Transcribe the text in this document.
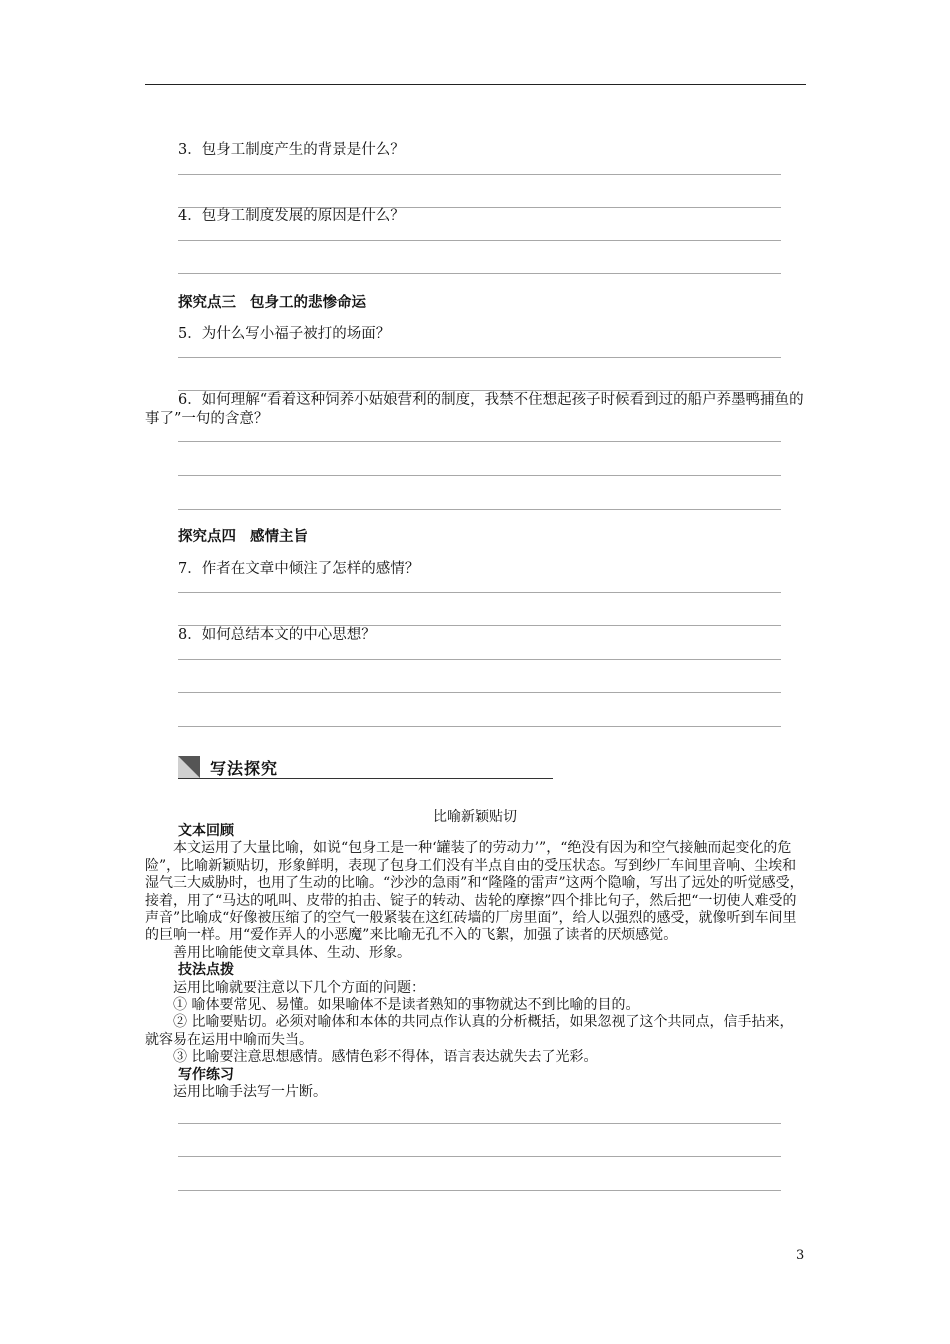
3．包身工制度产生的背景是什么？
4．包身工制度发展的原因是什么？
探究点三 包身工的悲惨命运
5．为什么写小福子被打的场面？
6．如何理解“看着这种饲养小姑娘营利的制度，我禁不住想起孩子时候看到过的船户养墨鸭捕鱼的事了”一句的含意？
探究点四 感情主旨
7．作者在文章中倾注了怎样的感情？
8．如何总结本文的中心思想？
写法探究
比喻新颖贴切
文本回顾

本文运用了大量比喻，如说“包身工是一种‘罐装了的劳动力’”，“绝没有因为和空气接触而起变化的危险”，比喻新颖贴切，形象鲜明，表现了包身工们没有半点自由的受压状态。写到纱厂车间里音响、尘埃和湿气三大威胁时，也用了生动的比喻。“沙沙的急雨”和“隆隆的雷声”这两个隐喻，写出了远处的听觉感受，接着，用了“马达的吼叫、皮带的拍击、锭子的转动、齿轮的摩擦”四个排比句子，然后把“一切使人难受的声音”比喻成“好像被压缩了的空气一般紧装在这红砖墙的厂房里面”，给人以强烈的感受，就像听到车间里的巨响一样。用“爱作弄人的小恶魔”来比喻无孔不入的飞絮，加强了读者的厌烦感觉。

善用比喻能使文章具体、生动、形象。

技法点拨

运用比喻就要注意以下几个方面的问题：

① 喻体要常见、易懂。如果喻体不是读者熟知的事物就达不到比喻的目的。

② 比喻要贴切。必须对喻体和本体的共同点作认真的分析概括，如果忽视了这个共同点，信手拈来，就容易在运用中喻而失当。

③ 比喻要注意思想感情。感情色彩不得体，语言表达就失去了光彩。

写作练习

运用比喻手法写一片断。

3
